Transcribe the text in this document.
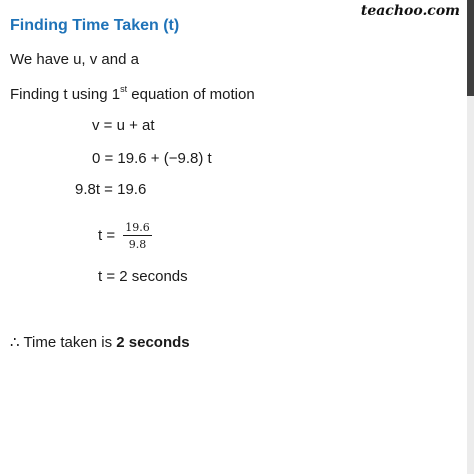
teachoo.com
Finding Time Taken (t)
We have u, v and a
Finding t using 1st equation of motion
v = u + at
0 = 19.6 + (−9.8) t
9.8t = 19.6
$t = \frac{19.6}{9.8}$
t = 2 seconds
∴ Time taken is 2 seconds
